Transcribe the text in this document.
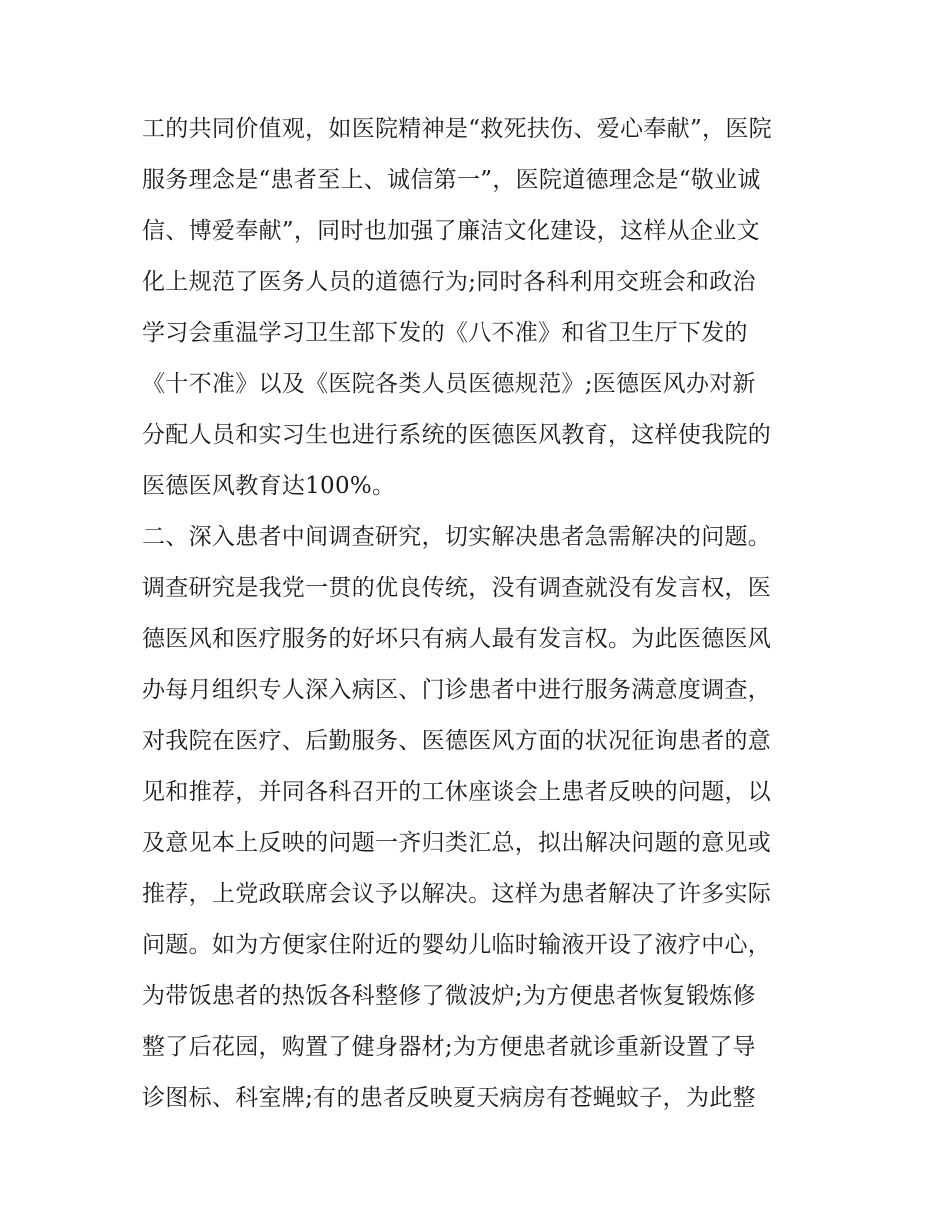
工的共同价值观，如医院精神是“救死扶伤、爱心奉献”，医院
服务理念是“患者至上、诚信第一”，医院道德理念是“敬业诚
信、博爱奉献”，同时也加强了廉洁文化建设，这样从企业文
化上规范了医务人员的道德行为;同时各科利用交班会和政治
学习会重温学习卫生部下发的《八不准》和省卫生厅下发的
《十不准》以及《医院各类人员医德规范》;医德医风办对新
分配人员和实习生也进行系统的医德医风教育，这样使我院的
医德医风教育达100%。
二、深入患者中间调查研究，切实解决患者急需解决的问题。
调查研究是我党一贯的优良传统，没有调查就没有发言权，医
德医风和医疗服务的好坏只有病人最有发言权。为此医德医风
办每月组织专人深入病区、门诊患者中进行服务满意度调查，
对我院在医疗、后勤服务、医德医风方面的状况征询患者的意
见和推荐，并同各科召开的工休座谈会上患者反映的问题，以
及意见本上反映的问题一齐归类汇总，拟出解决问题的意见或
推荐，上党政联席会议予以解决。这样为患者解决了许多实际
问题。如为方便家住附近的婴幼儿临时输液开设了液疗中心，
为带饭患者的热饭各科整修了微波炉;为方便患者恢复锻炼修
整了后花园，购置了健身器材;为方便患者就诊重新设置了导
诊图标、科室牌;有的患者反映夏天病房有苍蝇蚊子，为此整
